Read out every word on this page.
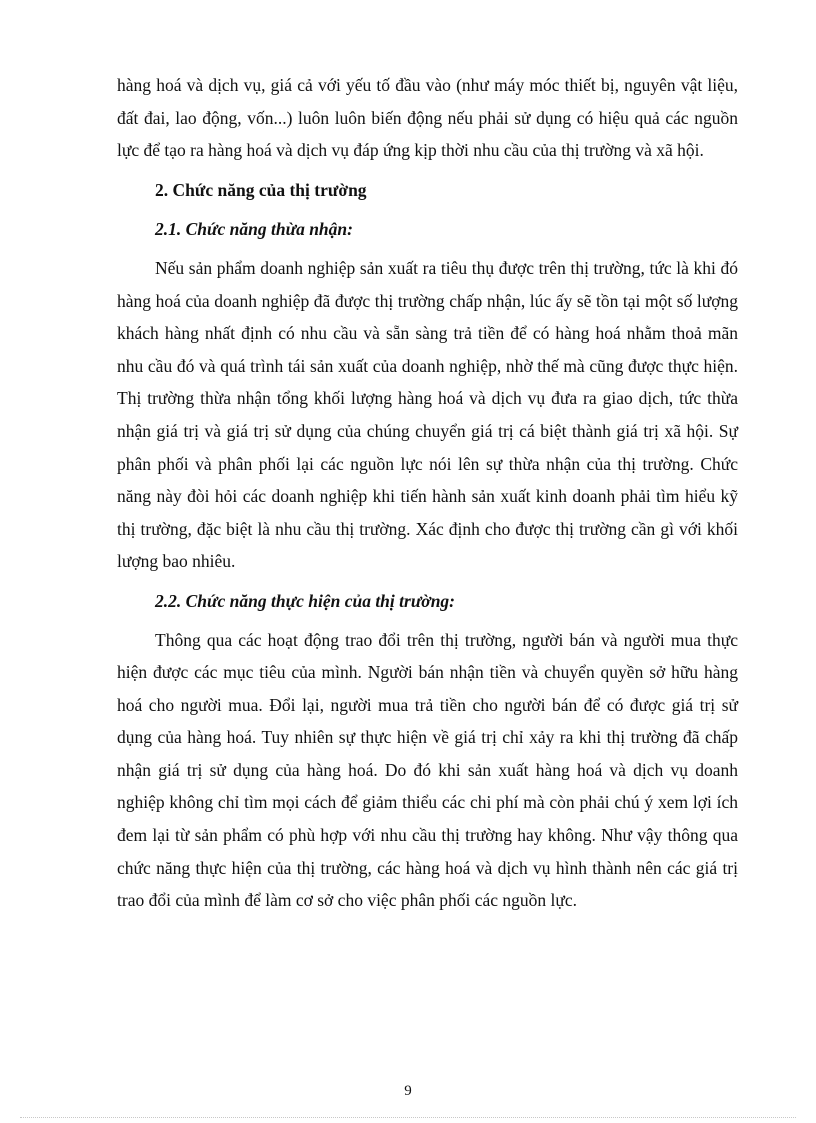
hàng hoá và dịch vụ, giá cả với yếu tố đầu vào (như máy móc thiết bị, nguyên vật liệu, đất đai, lao động, vốn...) luôn luôn biến động nếu phải sử dụng có hiệu quả các nguồn lực để tạo ra hàng hoá và dịch vụ đáp ứng kịp thời nhu cầu của thị trường và xã hội.

2. Chức năng của thị trường

2.1. Chức năng thừa nhận:

Nếu sản phẩm doanh nghiệp sản xuất ra tiêu thụ được trên thị trường, tức là khi đó hàng hoá của doanh nghiệp đã được thị trường chấp nhận, lúc ấy sẽ tồn tại một số lượng khách hàng nhất định có nhu cầu và sẵn sàng trả tiền để có hàng hoá nhằm thoả mãn nhu cầu đó và quá trình tái sản xuất của doanh nghiệp, nhờ thế mà cũng được thực hiện. Thị trường thừa nhận tổng khối lượng hàng hoá và dịch vụ đưa ra giao dịch, tức thừa nhận giá trị và giá trị sử dụng của chúng chuyển giá trị cá biệt thành giá trị xã hội. Sự phân phối và phân phối lại các nguồn lực nói lên sự thừa nhận của thị trường. Chức năng này đòi hỏi các doanh nghiệp khi tiến hành sản xuất kinh doanh phải tìm hiểu kỹ thị trường, đặc biệt là nhu cầu thị trường. Xác định cho được thị trường cần gì với khối lượng bao nhiêu.

2.2. Chức năng thực hiện của thị trường:

Thông qua các hoạt động trao đổi trên thị trường, người bán và người mua thực hiện được các mục tiêu của mình. Người bán nhận tiền và chuyển quyền sở hữu hàng hoá cho người mua. Đổi lại, người mua trả tiền cho người bán để có được giá trị sử dụng của hàng hoá. Tuy nhiên sự thực hiện về giá trị chỉ xảy ra khi thị trường đã chấp nhận giá trị sử dụng của hàng hoá. Do đó khi sản xuất hàng hoá và dịch vụ doanh nghiệp không chỉ tìm mọi cách để giảm thiểu các chi phí mà còn phải chú ý xem lợi ích đem lại từ sản phẩm có phù hợp với nhu cầu thị trường hay không. Như vậy thông qua chức năng thực hiện của thị trường, các hàng hoá và dịch vụ hình thành nên các giá trị trao đổi của mình để làm cơ sở cho việc phân phối các nguồn lực.

9
